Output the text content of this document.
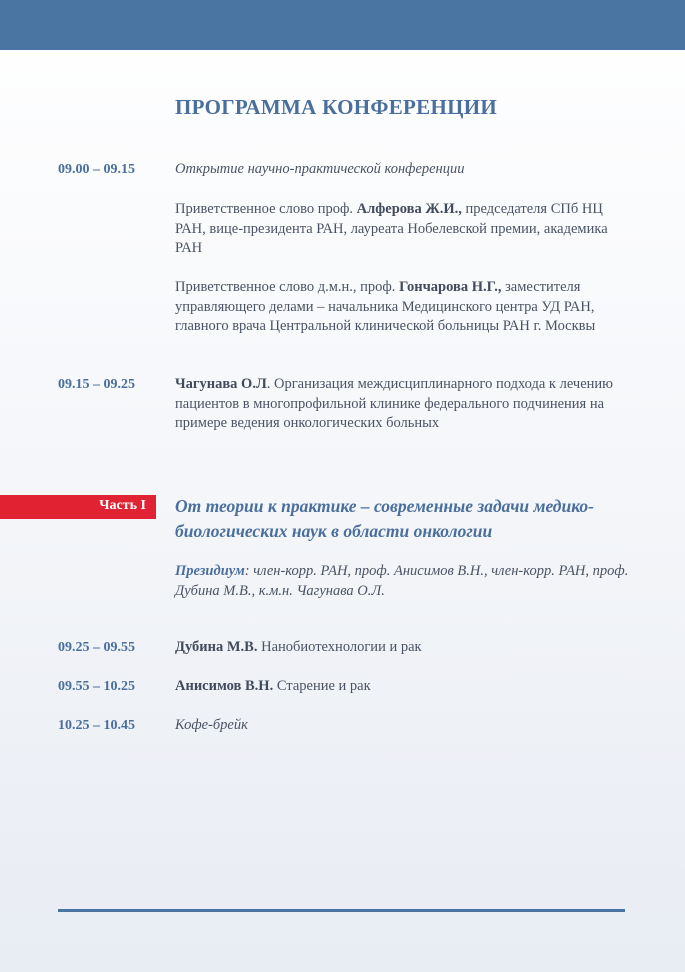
ПРОГРАММА КОНФЕРЕНЦИИ
09.00 – 09.15	Открытие научно-практической конференции

Приветственное слово проф. Алферова Ж.И., председателя СПб НЦ РАН, вице-президента РАН, лауреата Нобелевской премии, академика РАН

Приветственное слово д.м.н., проф. Гончарова Н.Г., заместителя управляющего делами – начальника Медицинского центра УД РАН, главного врача Центральной клинической больницы РАН г. Москвы

09.15 – 09.25	Чагунава О.Л. Организация междисциплинарного подхода к лечению пациентов в многопрофильной клинике федерального подчинения на примере ведения онкологических больных

Часть I От теории к практике – современные задачи медико-биологических наук в области онкологии

Президиум: член-корр. РАН, проф. Анисимов В.Н., член-корр. РАН, проф. Дубина М.В., к.м.н. Чагунава О.Л.

09.25 – 09.55	Дубина М.В. Нанобиотехнологии и рак

09.55 – 10.25	Анисимов В.Н. Старение и рак

10.25 – 10.45	Кофе-брейк
